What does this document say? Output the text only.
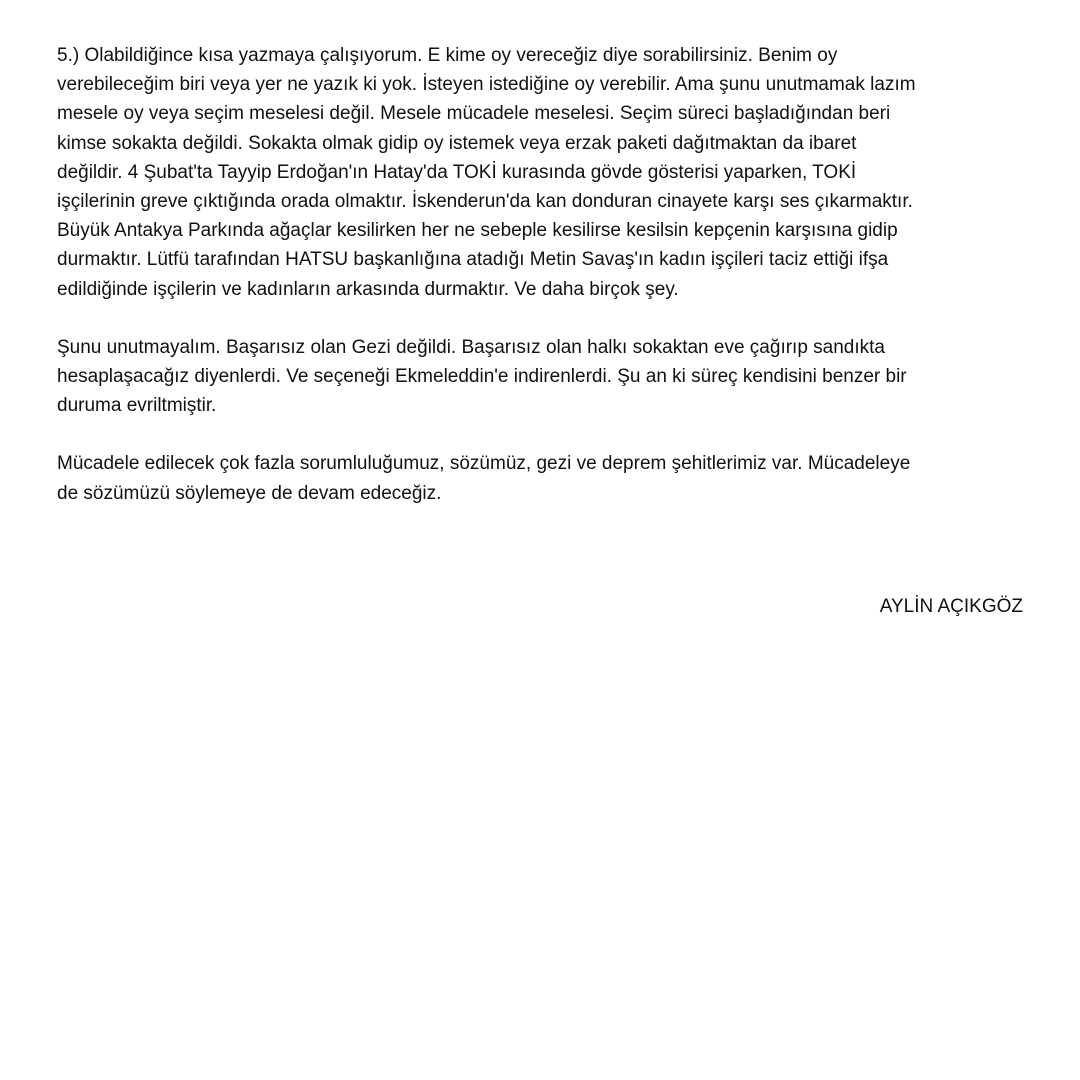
5.) Olabildiğince kısa yazmaya çalışıyorum. E kime oy vereceğiz diye sorabilirsiniz. Benim oy
verebileceğim biri veya yer ne yazık ki yok. İsteyen istediğine oy verebilir. Ama şunu unutmamak lazım
mesele oy veya seçim meselesi değil. Mesele mücadele meselesi. Seçim süreci başladığından beri
kimse sokakta değildi. Sokakta olmak gidip oy istemek veya erzak paketi dağıtmaktan da ibaret
değildir. 4 Şubat'ta Tayyip Erdoğan'ın Hatay'da TOKİ kurasında gövde gösterisi yaparken, TOKİ
işçilerinin greve çıktığında orada olmaktır. İskenderun'da kan donduran cinayete karşı ses çıkarmaktır.
Büyük Antakya Parkında ağaçlar kesilirken her ne sebeple kesilirse kesilsin kepçenin karşısına gidip
durmaktır. Lütfü tarafından HATSU başkanlığına atadığı Metin Savaş'ın kadın işçileri taciz ettiği ifşa
edildiğinde işçilerin ve kadınların arkasında durmaktır. Ve daha birçok şey.

Şunu unutmayalım. Başarısız olan Gezi değildi. Başarısız olan halkı sokaktan eve çağırıp sandıkta
hesaplaşacağız diyenlerdi. Ve seçeneği Ekmeleddin'e indirenlerdi. Şu an ki süreç kendisini benzer bir
duruma evriltmiştir.

Mücadele edilecek çok fazla sorumluluğumuz, sözümüz, gezi ve deprem şehitlerimiz var. Mücadeleye
de sözümüzü söylemeye de devam edeceğiz.

AYLİN AÇIKGÖZ
